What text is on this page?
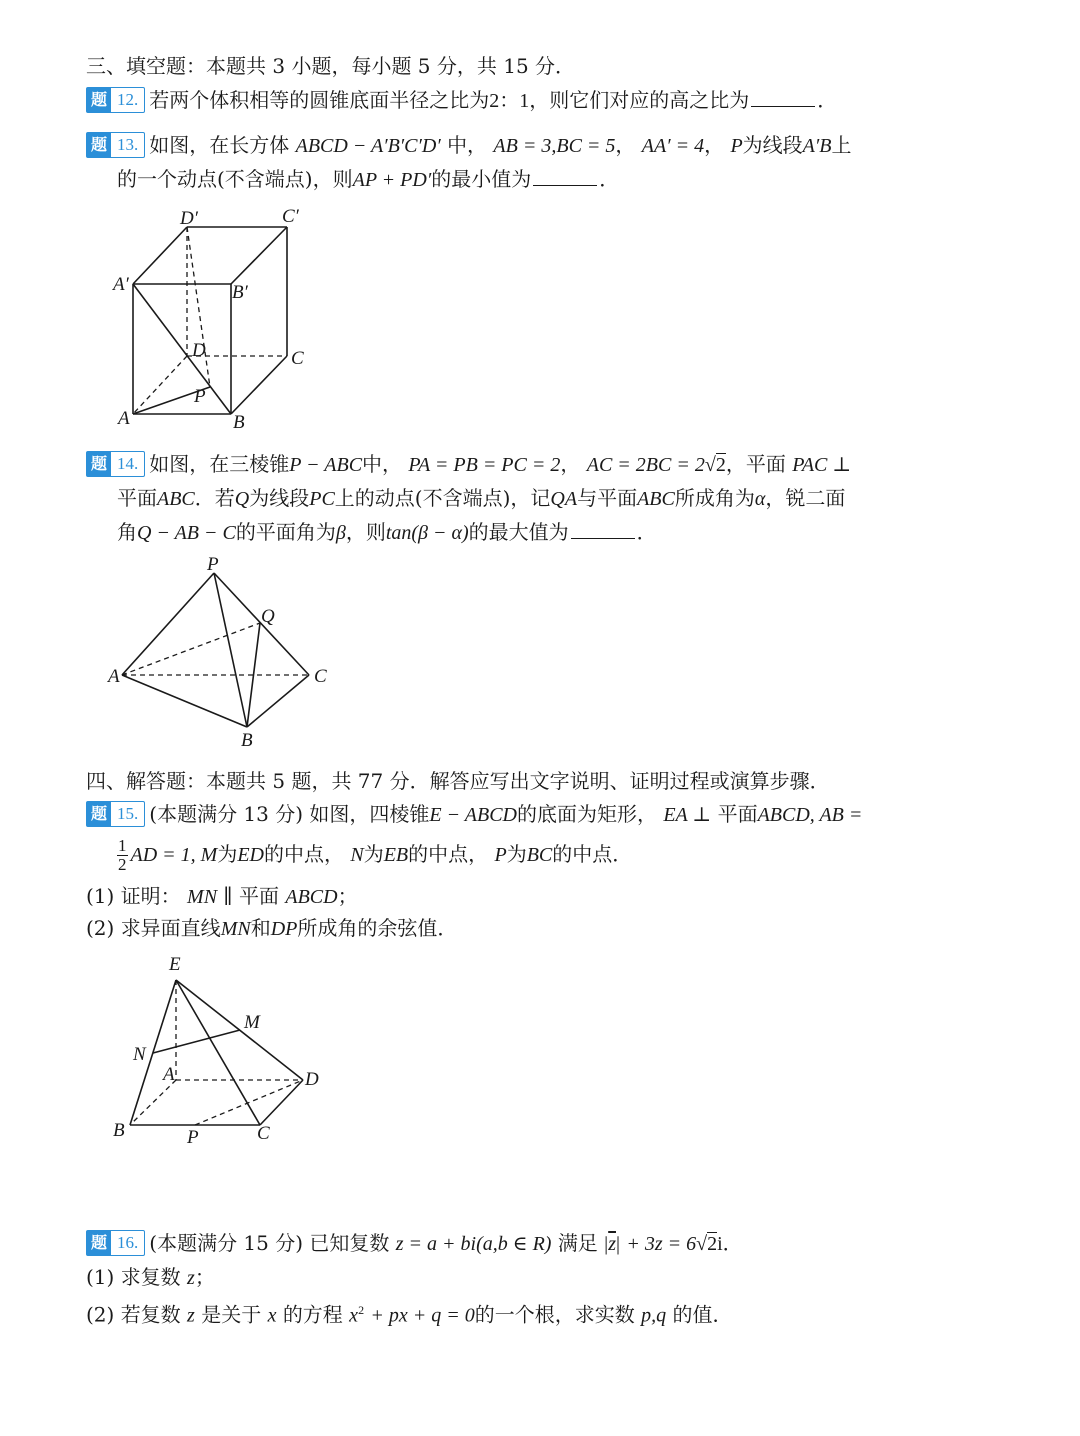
三、填空题：本题共 3 小题，每小题 5 分，共 15 分．
题 12. 若两个体积相等的圆锥底面半径之比为2：1，则它们对应的高之比为	．
题 13. 如图，在长方体 ABCD − A′B′C′D′ 中， AB = 3,BC = 5， AA′ = 4， P为线段A′B上
的一个动点(不含端点)，则AP + PD′的最小值为	．
D′	C′
A′	B′
D	C
A	B
P
题 14. 如图，在三棱锥P − ABC中， PA = PB = PC = 2， AC = 2BC = 2√2，平面 PAC ⊥
平面ABC．若Q为线段PC上的动点(不含端点)，记QA与平面ABC所成角为α，锐二面
角Q − AB − C的平面角为β，则tan(β − α)的最大值为	．
P
Q
A	C
B
四、解答题：本题共 5 题，共 77 分．解答应写出文字说明、证明过程或演算步骤．
题 15. (本题满分 13 分) 如图，四棱锥E − ABCD的底面为矩形， EA ⊥ 平面ABCD, AB =
$\frac{1}{2}$ AD = 1, M为ED的中点， N为EB的中点， P为BC的中点．
(1) 证明： MN ∥ 平面 ABCD；
(2) 求异面直线MN和DP所成角的余弦值．
E
M
N
A	D
B	P	C
题 16. (本题满分 15 分) 已知复数 z = a + bi(a,b ∈ R) 满足 $|\overline{z}| + 3z = 6√2i$．
(1) 求复数 z；
(2) 若复数 z 是关于 x 的方程 $x^2$ + px + q = 0的一个根，求实数 p,q 的值．
